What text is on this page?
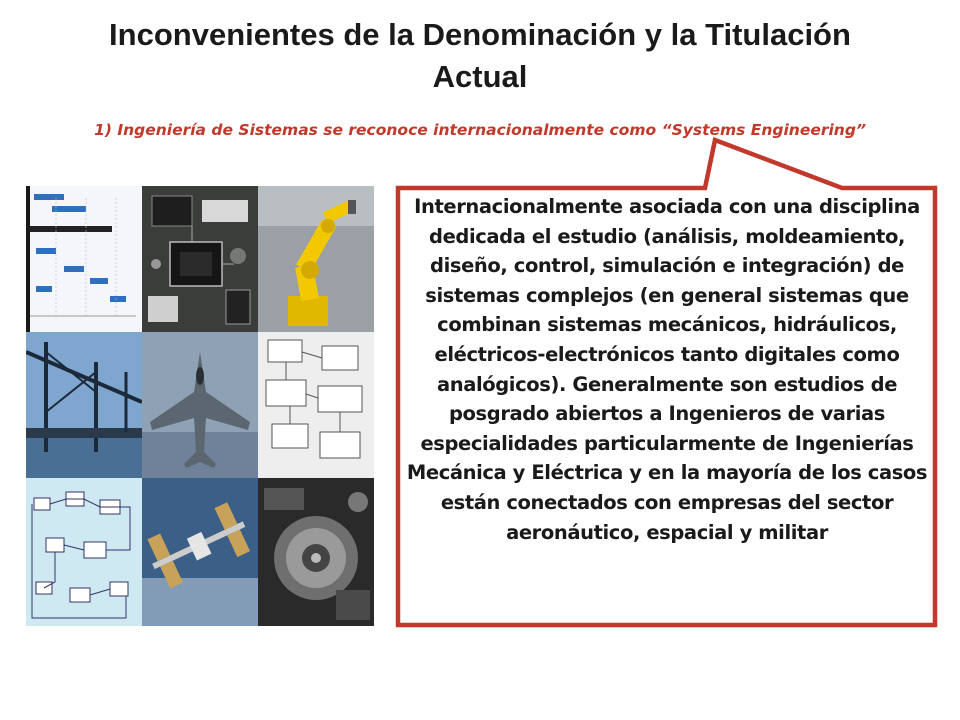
Inconvenientes de la Denominación y la Titulación Actual
1) Ingeniería de Sistemas se reconoce internacionalmente como “Systems Engineering”
Internacionalmente asociada con una disciplina dedicada el estudio (análisis, moldeamiento, diseño, control, simulación e integración) de sistemas complejos (en general sistemas que combinan sistemas mecánicos, hidráulicos, eléctricos-electrónicos tanto digitales como analógicos). Generalmente son estudios de posgrado abiertos a Ingenieros de varias especialidades particularmente de Ingenierías Mecánica y Eléctrica y en la mayoría de los casos están conectados con empresas del sector aeronáutico, espacial y militar
